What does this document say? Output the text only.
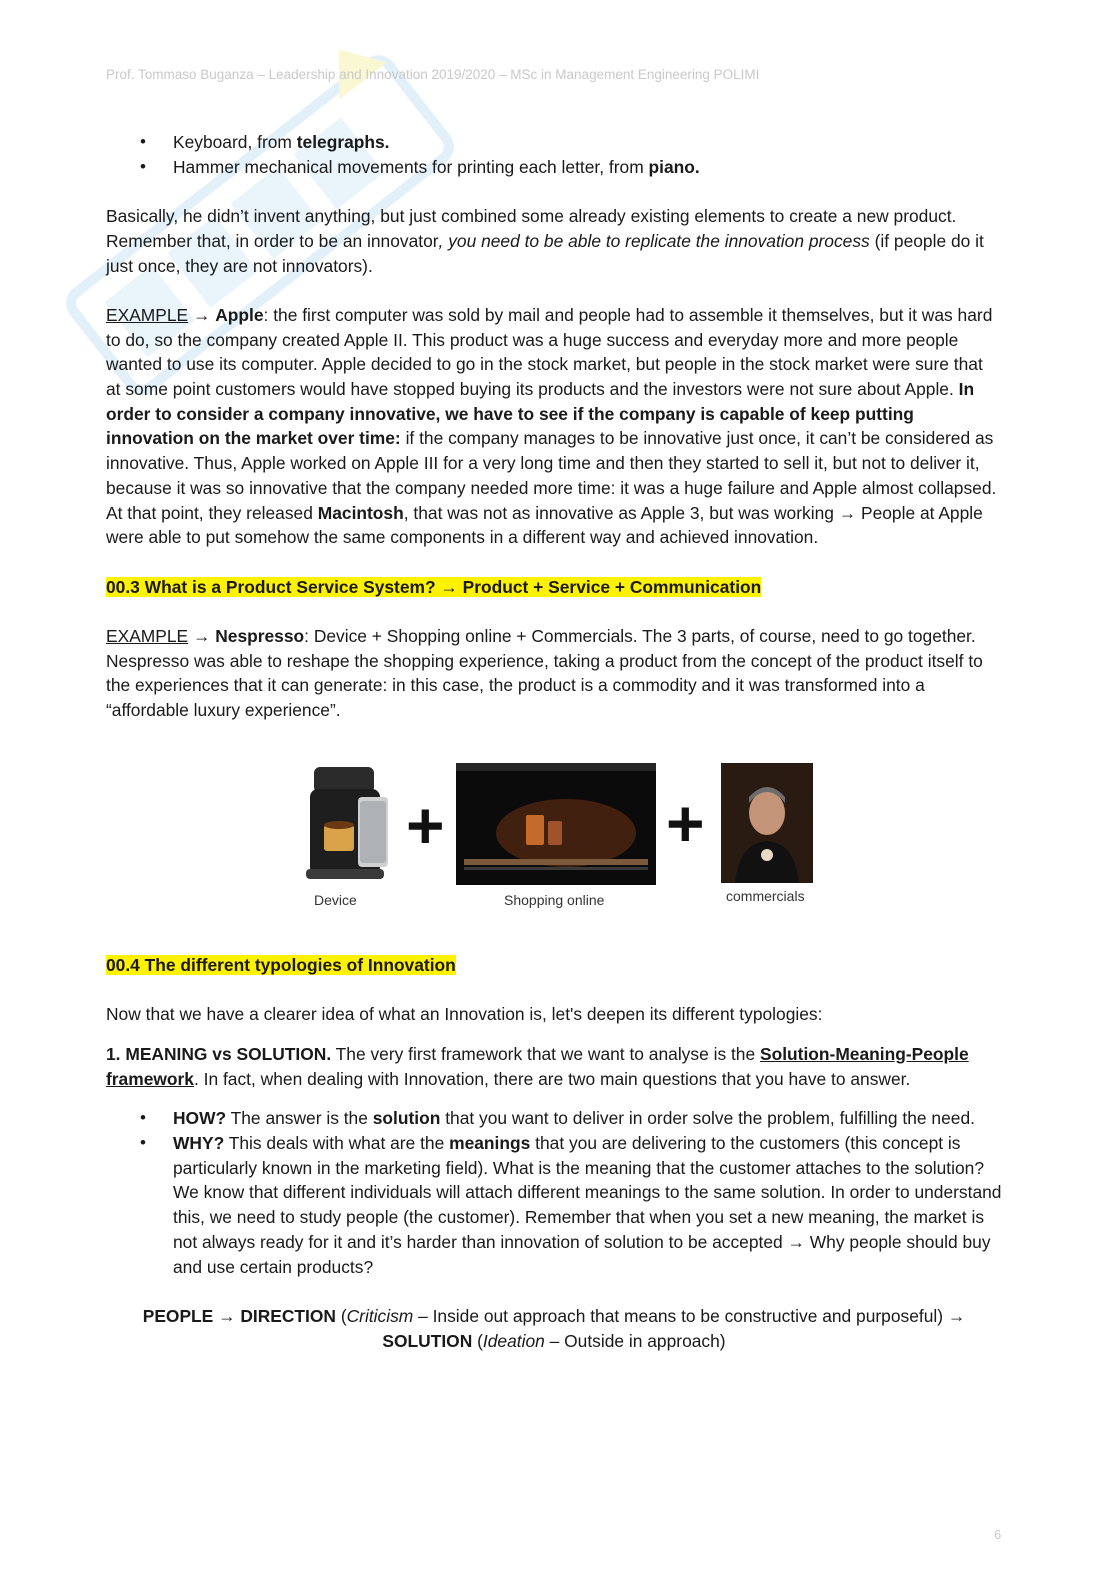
Prof. Tommaso Buganza – Leadership and Innovation 2019/2020 – MSc in Management Engineering POLIMI
• Keyboard, from telegraphs.
• Hammer mechanical movements for printing each letter, from piano.

Basically, he didn’t invent anything, but just combined some already existing elements to create a new product. Remember that, in order to be an innovator, you need to be able to replicate the innovation process (if people do it just once, they are not innovators).

EXAMPLE → Apple: the first computer was sold by mail and people had to assemble it themselves, but it was hard to do, so the company created Apple II. This product was a huge success and everyday more and more people wanted to use its computer. Apple decided to go in the stock market, but people in the stock market were sure that at some point customers would have stopped buying its products and the investors were not sure about Apple. In order to consider a company innovative, we have to see if the company is capable of keep putting innovation on the market over time: if the company manages to be innovative just once, it can’t be considered as innovative. Thus, Apple worked on Apple III for a very long time and then they started to sell it, but not to deliver it, because it was so innovative that the company needed more time: it was a huge failure and Apple almost collapsed. At that point, they released Macintosh, that was not as innovative as Apple 3, but was working → People at Apple were able to put somehow the same components in a different way and achieved innovation.

00.3 What is a Product Service System? → Product + Service + Communication

EXAMPLE → Nespresso: Device + Shopping online + Commercials. The 3 parts, of course, need to go together. Nespresso was able to reshape the shopping experience, taking a product from the concept of the product itself to the experiences that it can generate: in this case, the product is a commodity and it was transformed into a “affordable luxury experience”.

Device
+
Shopping online
+
commercials

00.4 The different typologies of Innovation

Now that we have a clearer idea of what an Innovation is, let's deepen its different typologies:

1. MEANING vs SOLUTION. The very first framework that we want to analyse is the Solution-Meaning-People framework. In fact, when dealing with Innovation, there are two main questions that you have to answer.

• HOW? The answer is the solution that you want to deliver in order solve the problem, fulfilling the need.
• WHY? This deals with what are the meanings that you are delivering to the customers (this concept is particularly known in the marketing field). What is the meaning that the customer attaches to the solution? We know that different individuals will attach different meanings to the same solution. In order to understand this, we need to study people (the customer). Remember that when you set a new meaning, the market is not always ready for it and it’s harder than innovation of solution to be accepted → Why people should buy and use certain products?

PEOPLE → DIRECTION (Criticism – Inside out approach that means to be constructive and purposeful) → SOLUTION (Ideation – Outside in approach)

6
